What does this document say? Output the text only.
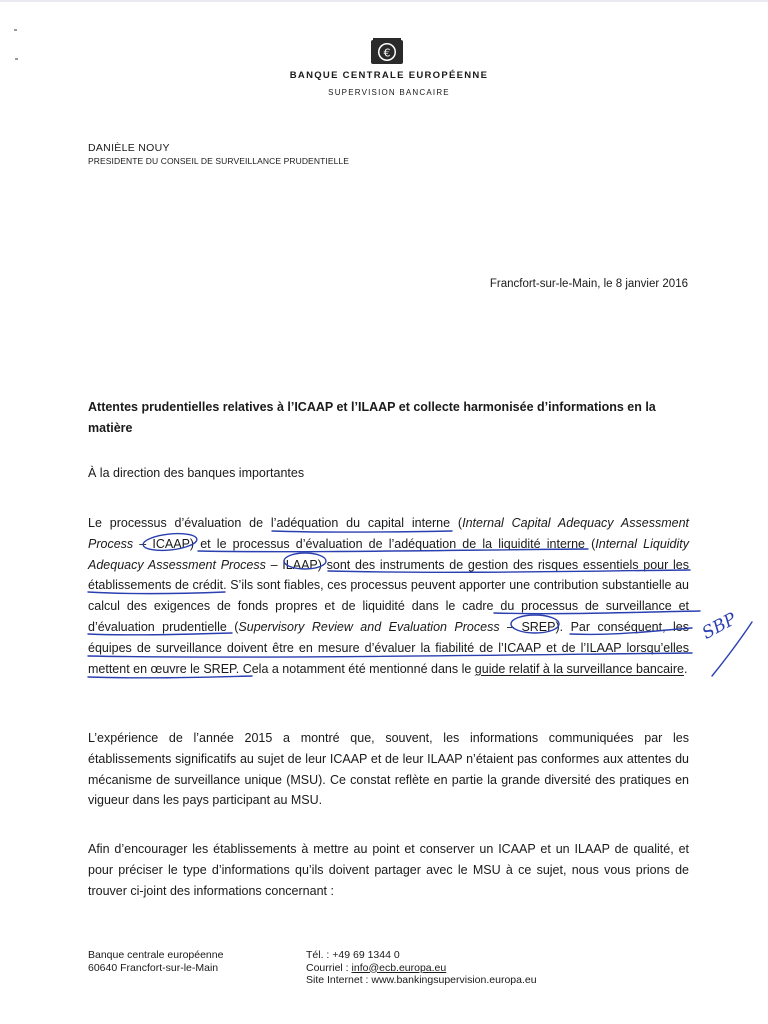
€
BANQUE CENTRALE EUROPÉENNE
SUPERVISION BANCAIRE
DANIÈLE NOUY
PRESIDENTE DU CONSEIL DE SURVEILLANCE PRUDENTIELLE
Francfort-sur-le-Main, le 8 janvier 2016
Attentes prudentielles relatives à l’ICAAP et l’ILAAP et collecte harmonisée d’informations en la matière
À la direction des banques importantes

Le processus d’évaluation de l’adéquation du capital interne (Internal Capital Adequacy Assessment Process – ICAAP) et le processus d’évaluation de l’adéquation de la liquidité interne (Internal Liquidity Adequacy Assessment Process – ILAAP) sont des instruments de gestion des risques essentiels pour les établissements de crédit. S’ils sont fiables, ces processus peuvent apporter une contribution substantielle au calcul des exigences de fonds propres et de liquidité dans le cadre du processus de surveillance et d’évaluation prudentielle (Supervisory Review and Evaluation Process – SREP). Par conséquent, les équipes de surveillance doivent être en mesure d’évaluer la fiabilité de l’ICAAP et de l’ILAAP lorsqu’elles mettent en œuvre le SREP. Cela a notamment été mentionné dans le guide relatif à la surveillance bancaire.

L’expérience de l’année 2015 a montré que, souvent, les informations communiquées par les établissements significatifs au sujet de leur ICAAP et de leur ILAAP n’étaient pas conformes aux attentes du mécanisme de surveillance unique (MSU). Ce constat reflète en partie la grande diversité des pratiques en vigueur dans les pays participant au MSU.

Afin d’encourager les établissements à mettre au point et conserver un ICAAP et un ILAAP de qualité, et pour préciser le type d’informations qu’ils doivent partager avec le MSU à ce sujet, nous vous prions de trouver ci-joint des informations concernant :

Banque centrale européenne
60640 Francfort-sur-le-Main
Tél. : +49 69 1344 0
Courriel : info@ecb.europa.eu
Site Internet : www.bankingsupervision.europa.eu
SBP
